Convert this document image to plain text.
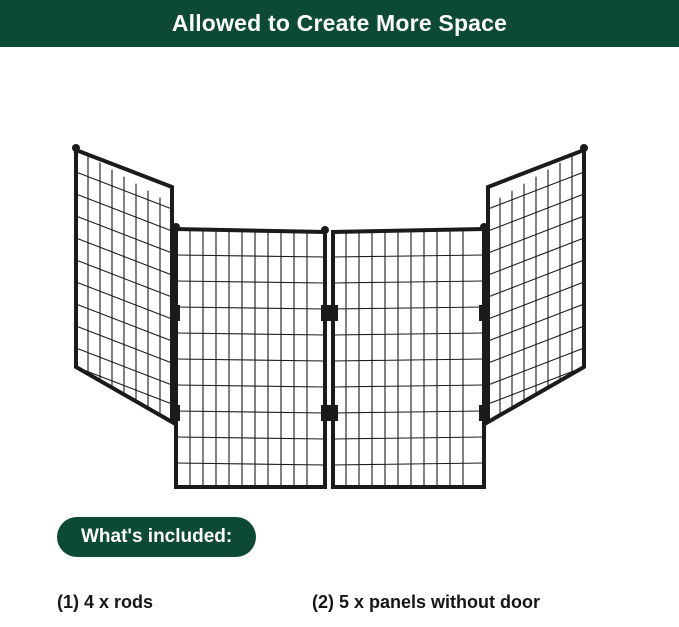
Allowed to Create More Space
What's included:
(1) 4 x rods	(2) 5 x panels without door
